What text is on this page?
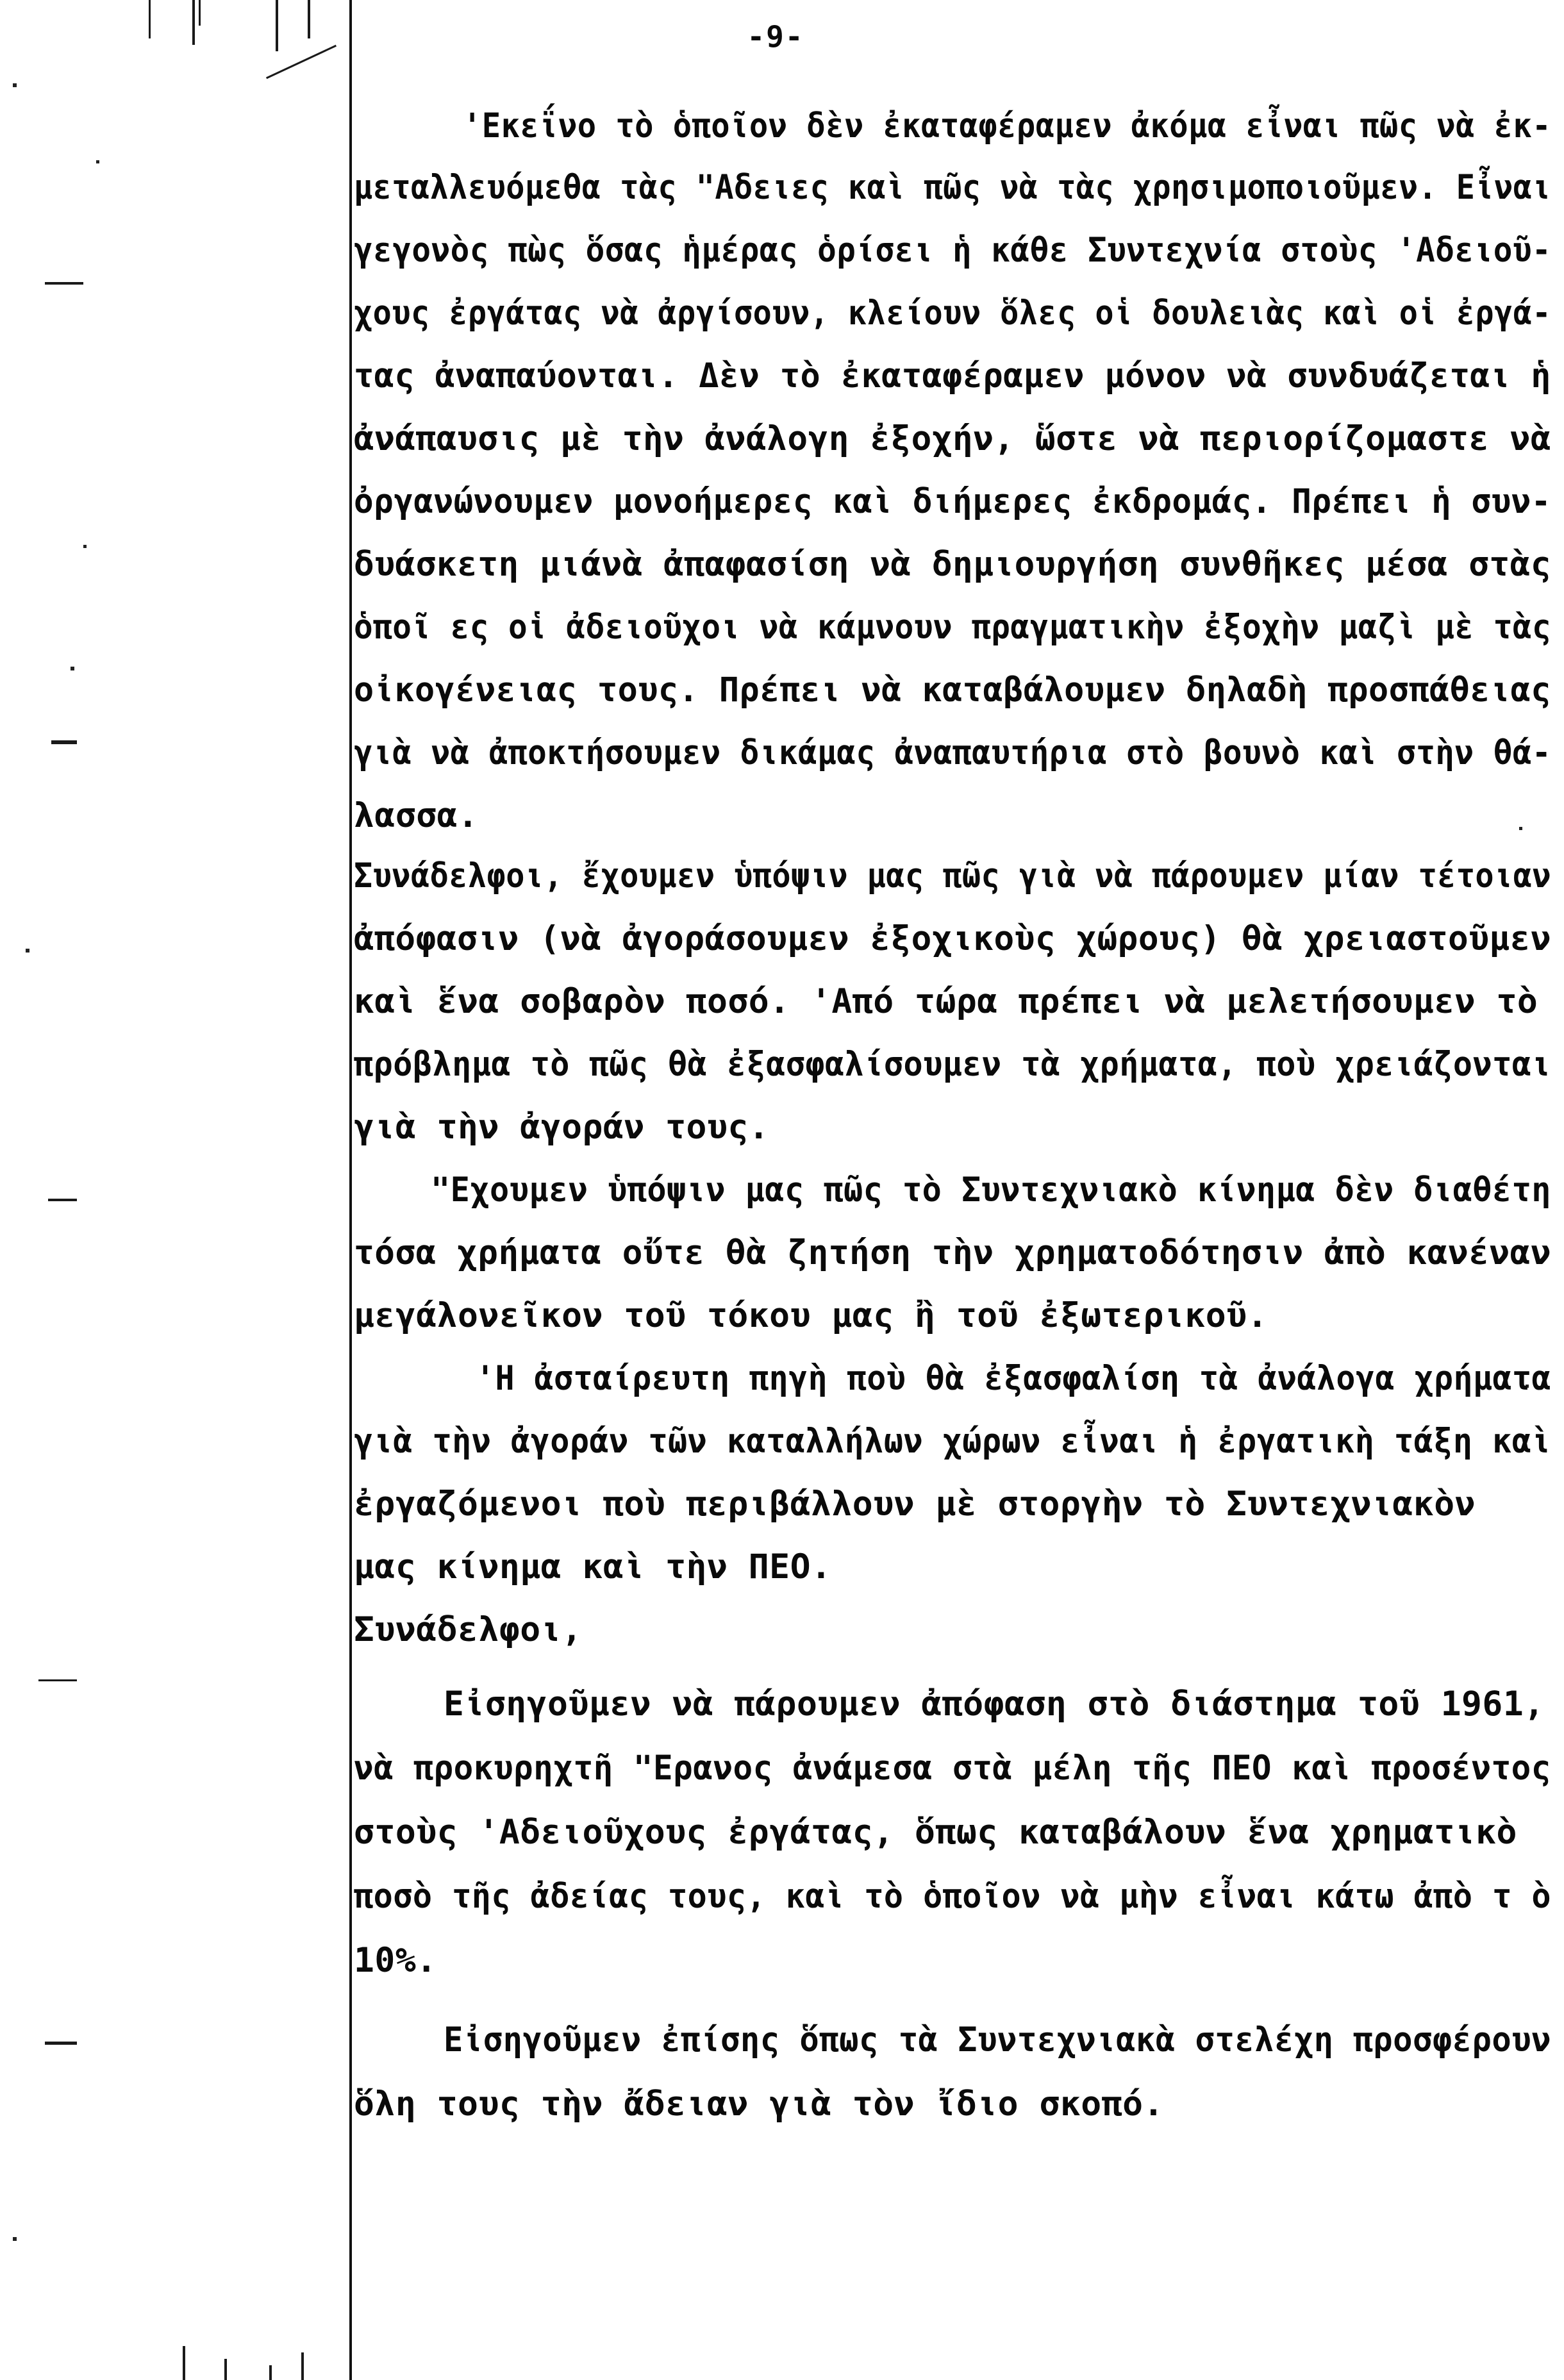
-9-
'Εκεΐνο τὸ ὁποῖον δὲν ἐκαταφέραμεν ἀκόμα εἶναι πῶς νὰ ἐκ-
μεταλλευόμεθα τὰς "Αδειες καὶ πῶς νὰ τὰς χρησιμοποιοῦμεν. Εἶναι
γεγονὸς πὼς ὅσας ἡμέρας ὁρίσει ἡ κάθε Συντεχνία στοὺς 'Αδειοῦ-
χους ἐργάτας νὰ ἀργίσουν, κλείουν ὅλες οἱ δουλειὰς καὶ οἱ ἐργά-
τας ἀναπαύονται. Δὲν τὸ ἐκαταφέραμεν μόνον νὰ συνδυάζεται ἡ
ἀνάπαυσις μὲ τὴν ἀνάλογη ἐξοχήν, ὥστε νὰ περιορίζομαστε νὰ
ὀργανώνουμεν μονοήμερες καὶ διήμερες ἐκδρομάς. Πρέπει ἡ συν-
δυάσκετη μιάνὰ ἀπαφασίση νὰ δημιουργήση συνθῆκες μέσα στὰς
ὁποῖ ες οἱ ἀδειοῦχοι νὰ κάμνουν πραγματικὴν ἐξοχὴν μαζὶ μὲ τὰς
οἰκογένειας τους. Πρέπει νὰ καταβάλουμεν δηλαδὴ προσπάθειας
γιὰ νὰ ἀποκτήσουμεν δικάμας ἀναπαυτήρια στὸ βουνὸ καὶ στὴν θά-
λασσα.
Συνάδελφοι, ἔχουμεν ὑπόψιν μας πῶς γιὰ νὰ πάρουμεν μίαν τέτοιαν
ἀπόφασιν (νὰ ἀγοράσουμεν ἐξοχικοὺς χώρους) θὰ χρειαστοῦμεν
καὶ ἕνα σοβαρὸν ποσό. 'Από τώρα πρέπει νὰ μελετήσουμεν τὸ
πρόβλημα τὸ πῶς θὰ ἐξασφαλίσουμεν τὰ χρήματα, ποὺ χρειάζονται
γιὰ τὴν ἀγοράν τους.
"Εχουμεν ὑπόψιν μας πῶς τὸ Συντεχνιακὸ κίνημα δὲν διαθέτη
τόσα χρήματα οὔτε θὰ ζητήση τὴν χρηματοδότησιν ἀπὸ κανέναν
μεγάλονεῖκον τοῦ τόκου μας ἢ τοῦ ἐξωτερικοῦ.
'Η ἀσταίρευτη πηγὴ ποὺ θὰ ἐξασφαλίση τὰ ἀνάλογα χρήματα
γιὰ τὴν ἀγοράν τῶν καταλλήλων χώρων εἶναι ἡ ἐργατικὴ τάξη καὶ
ἐργαζόμενοι ποὺ περιβάλλουν μὲ στοργὴν τὸ Συντεχνιακὸν
μας κίνημα καὶ τὴν ΠΕΟ.
Συνάδελφοι,
Εἰσηγοῦμεν νὰ πάρουμεν ἀπόφαση στὸ διάστημα τοῦ 1961,
νὰ προκυρηχτῆ "Ερανος ἀνάμεσα στὰ μέλη τῆς ΠΕΟ καὶ προσέντος
στοὺς 'Αδειοῦχους ἐργάτας, ὅπως καταβάλουν ἕνα χρηματικὸ
ποσὸ τῆς ἀδείας τους, καὶ τὸ ὁποῖον νὰ μὴν εἶναι κάτω ἀπὸ τ ὸ
10%.
Εἰσηγοῦμεν ἐπίσης ὅπως τὰ Συντεχνιακὰ στελέχη προσφέρουν
ὅλη τους τὴν ἄδειαν γιὰ τὸν ἴδιο σκοπό.
